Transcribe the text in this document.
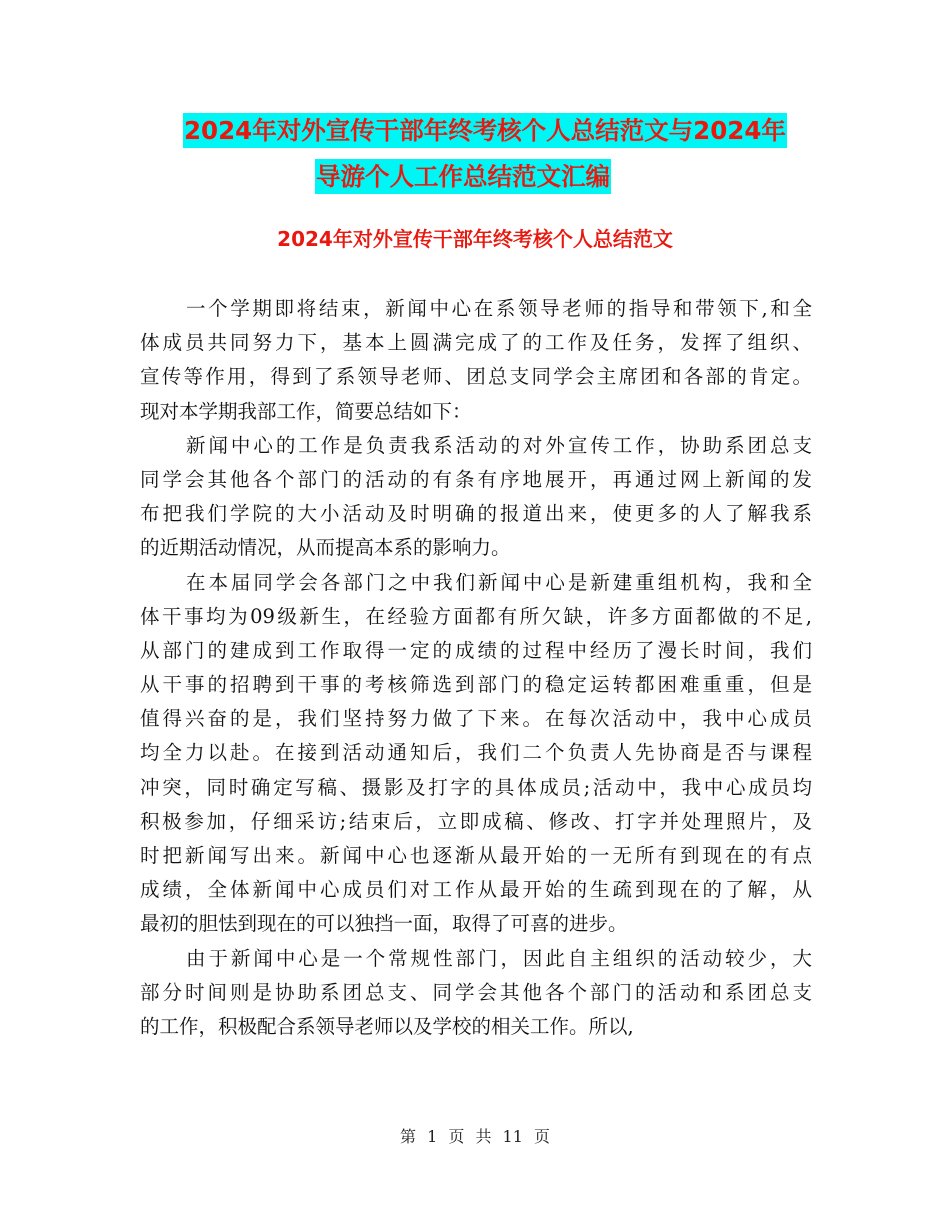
2024年对外宣传干部年终考核个人总结范文与2024年
导游个人工作总结范文汇编
2024年对外宣传干部年终考核个人总结范文
一个学期即将结束，新闻中心在系领导老师的指导和带领下,和全
体成员共同努力下，基本上圆满完成了的工作及任务，发挥了组织、
宣传等作用，得到了系领导老师、团总支同学会主席团和各部的肯定。
现对本学期我部工作，简要总结如下：
新闻中心的工作是负责我系活动的对外宣传工作，协助系团总支
同学会其他各个部门的活动的有条有序地展开，再通过网上新闻的发
布把我们学院的大小活动及时明确的报道出来，使更多的人了解我系
的近期活动情况，从而提高本系的影响力。
在本届同学会各部门之中我们新闻中心是新建重组机构，我和全
体干事均为09级新生，在经验方面都有所欠缺，许多方面都做的不足,
从部门的建成到工作取得一定的成绩的过程中经历了漫长时间，我们
从干事的招聘到干事的考核筛选到部门的稳定运转都困难重重，但是
值得兴奋的是，我们坚持努力做了下来。在每次活动中，我中心成员
均全力以赴。在接到活动通知后，我们二个负责人先协商是否与课程
冲突，同时确定写稿、摄影及打字的具体成员;活动中，我中心成员均
积极参加，仔细采访;结束后，立即成稿、修改、打字并处理照片，及
时把新闻写出来。新闻中心也逐渐从最开始的一无所有到现在的有点
成绩，全体新闻中心成员们对工作从最开始的生疏到现在的了解，从
最初的胆怯到现在的可以独挡一面，取得了可喜的进步。
由于新闻中心是一个常规性部门，因此自主组织的活动较少，大
部分时间则是协助系团总支、同学会其他各个部门的活动和系团总支
的工作，积极配合系领导老师以及学校的相关工作。所以,
第 1 页 共 11 页
